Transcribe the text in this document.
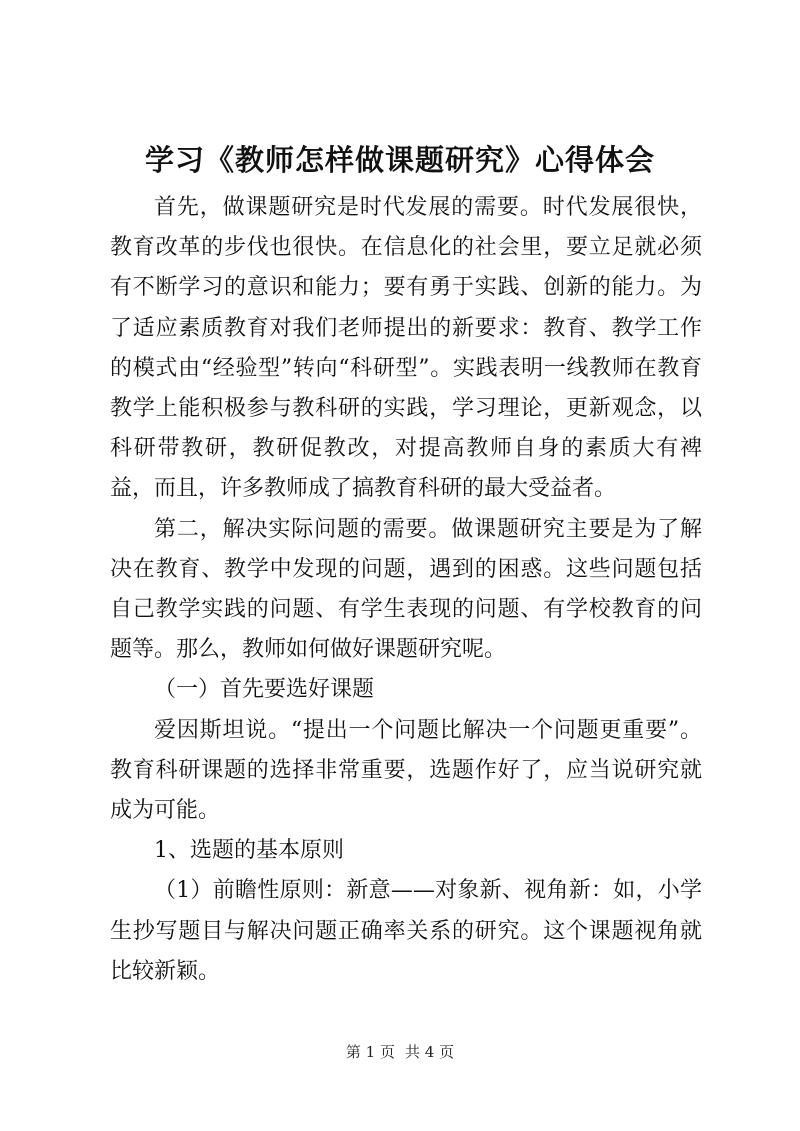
学习《教师怎样做课题研究》心得体会

首先，做课题研究是时代发展的需要。时代发展很快，教育改革的步伐也很快。在信息化的社会里，要立足就必须有不断学习的意识和能力；要有勇于实践、创新的能力。为了适应素质教育对我们老师提出的新要求：教育、教学工作的模式由“经验型”转向“科研型”。实践表明一线教师在教育教学上能积极参与教科研的实践，学习理论，更新观念，以科研带教研，教研促教改，对提高教师自身的素质大有裨益，而且，许多教师成了搞教育科研的最大受益者。

第二，解决实际问题的需要。做课题研究主要是为了解决在教育、教学中发现的问题，遇到的困惑。这些问题包括自己教学实践的问题、有学生表现的问题、有学校教育的问题等。那么，教师如何做好课题研究呢。

（一）首先要选好课题

爱因斯坦说。“提出一个问题比解决一个问题更重要”。教育科研课题的选择非常重要，选题作好了，应当说研究就成为可能。

1、选题的基本原则

（1）前瞻性原则：新意——对象新、视角新：如，小学生抄写题目与解决问题正确率关系的研究。这个课题视角就比较新颖。

第 1 页 共 4 页
